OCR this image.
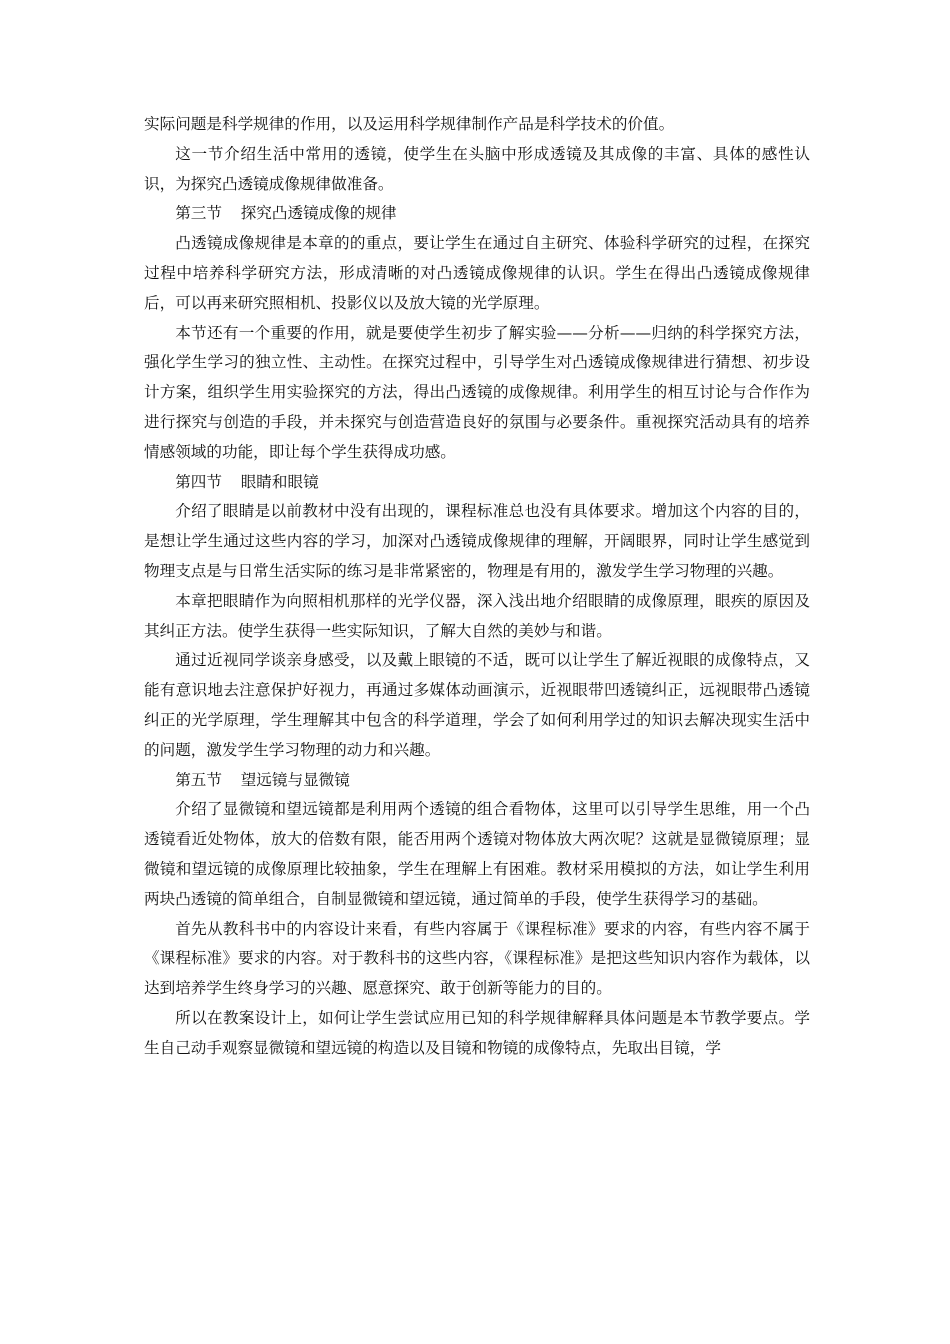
实际问题是科学规律的作用，以及运用科学规律制作产品是科学技术的价值。

这一节介绍生活中常用的透镜，使学生在头脑中形成透镜及其成像的丰富、具体的感性认识，为探究凸透镜成像规律做准备。

第三节 探究凸透镜成像的规律

凸透镜成像规律是本章的的重点，要让学生在通过自主研究、体验科学研究的过程，在探究过程中培养科学研究方法，形成清晰的对凸透镜成像规律的认识。学生在得出凸透镜成像规律后，可以再来研究照相机、投影仪以及放大镜的光学原理。

本节还有一个重要的作用，就是要使学生初步了解实验——分析——归纳的科学探究方法，强化学生学习的独立性、主动性。在探究过程中，引导学生对凸透镜成像规律进行猜想、初步设计方案，组织学生用实验探究的方法，得出凸透镜的成像规律。利用学生的相互讨论与合作作为进行探究与创造的手段，并未探究与创造营造良好的氛围与必要条件。重视探究活动具有的培养情感领域的功能，即让每个学生获得成功感。

第四节 眼睛和眼镜

介绍了眼睛是以前教材中没有出现的，课程标准总也没有具体要求。增加这个内容的目的，是想让学生通过这些内容的学习，加深对凸透镜成像规律的理解，开阔眼界，同时让学生感觉到物理支点是与日常生活实际的练习是非常紧密的，物理是有用的，激发学生学习物理的兴趣。

本章把眼睛作为向照相机那样的光学仪器，深入浅出地介绍眼睛的成像原理，眼疾的原因及其纠正方法。使学生获得一些实际知识，了解大自然的美妙与和谐。

通过近视同学谈亲身感受，以及戴上眼镜的不适，既可以让学生了解近视眼的成像特点，又能有意识地去注意保护好视力，再通过多媒体动画演示，近视眼带凹透镜纠正，远视眼带凸透镜纠正的光学原理，学生理解其中包含的科学道理，学会了如何利用学过的知识去解决现实生活中的问题，激发学生学习物理的动力和兴趣。

第五节 望远镜与显微镜

介绍了显微镜和望远镜都是利用两个透镜的组合看物体，这里可以引导学生思维，用一个凸透镜看近处物体，放大的倍数有限，能否用两个透镜对物体放大两次呢？这就是显微镜原理；显微镜和望远镜的成像原理比较抽象，学生在理解上有困难。教材采用模拟的方法，如让学生利用两块凸透镜的简单组合，自制显微镜和望远镜，通过简单的手段，使学生获得学习的基础。

首先从教科书中的内容设计来看，有些内容属于《课程标准》要求的内容，有些内容不属于《课程标准》要求的内容。对于教科书的这些内容，《课程标准》是把这些知识内容作为载体，以达到培养学生终身学习的兴趣、愿意探究、敢于创新等能力的目的。

所以在教案设计上，如何让学生尝试应用已知的科学规律解释具体问题是本节教学要点。学生自己动手观察显微镜和望远镜的构造以及目镜和物镜的成像特点，先取出目镜，学
